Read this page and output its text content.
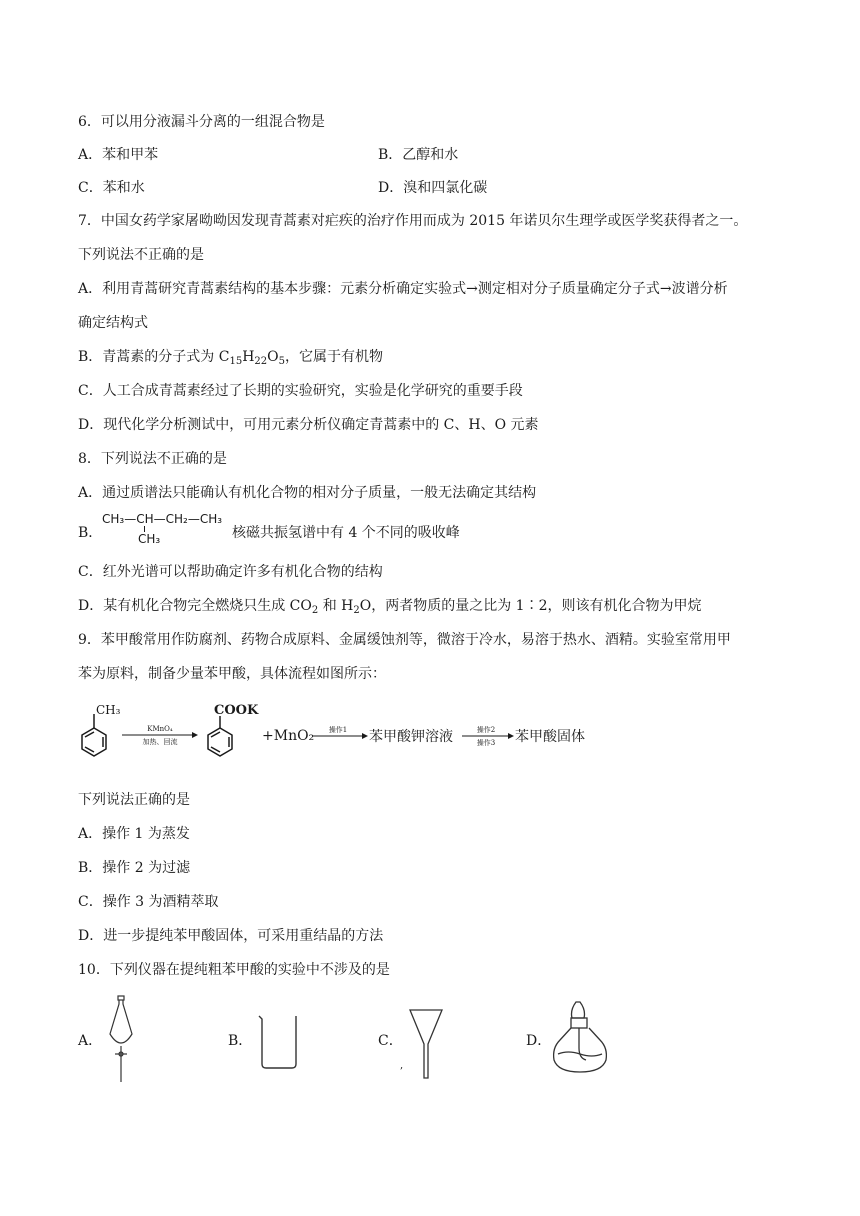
6．可以用分液漏斗分离的一组混合物是
A．苯和甲苯	B．乙醇和水
C．苯和水	D．溴和四氯化碳
7．中国女药学家屠呦呦因发现青蒿素对疟疾的治疗作用而成为 2015 年诺贝尔生理学或医学奖获得者之一。
下列说法不正确的是
A．利用青蒿研究青蒿素结构的基本步骤：元素分析确定实验式→测定相对分子质量确定分子式→波谱分析
确定结构式
B．青蒿素的分子式为 $C_{15}H_{22}O_5$，它属于有机物
C．人工合成青蒿素经过了长期的实验研究，实验是化学研究的重要手段
D．现代化学分析测试中，可用元素分析仪确定青蒿素中的 C、H、O 元素
8．下列说法不正确的是
A．通过质谱法只能确认有机化合物的相对分子质量，一般无法确定其结构
B．
CH₃—CH—CH₂—CH₃
CH₃	核磁共振氢谱中有 4 个不同的吸收峰
C．红外光谱可以帮助确定许多有机化合物的结构
D．某有机化合物完全燃烧只生成 $CO_2$ 和 $H_2O$，两者物质的量之比为 1∶2，则该有机化合物为甲烷
9．苯甲酸常用作防腐剂、药物合成原料、金属缓蚀剂等，微溶于冷水，易溶于热水、酒精。实验室常用甲
苯为原料，制备少量苯甲酸，具体流程如图所示：
CH₃
KMnO₄
加热、回流
COOK
+MnO₂ 操作1 苯甲酸钾溶液	操作2
操作3 苯甲酸固体
下列说法正确的是
A．操作 1 为蒸发
B．操作 2 为过滤
C．操作 3 为酒精萃取
D．进一步提纯苯甲酸固体，可采用重结晶的方法
10．下列仪器在提纯粗苯甲酸的实验中不涉及的是
A．	B．	C．
,
D．
